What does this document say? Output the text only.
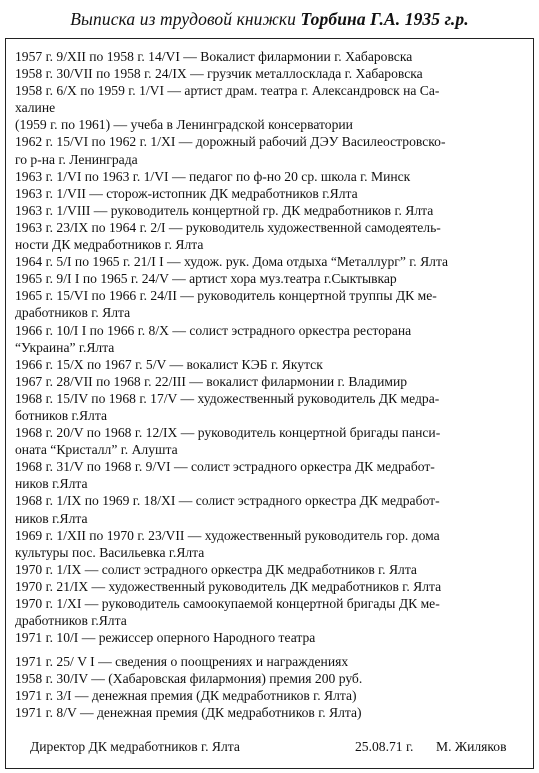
Выписка из трудовой книжки Торбина Г.А. 1935 г.р.
1957 г. 9/XII по 1958 г. 14/VI — Вокалист филармонии г. Хабаровска
1958 г. 30/VII по 1958 г. 24/IX — грузчик металлосклада г. Хабаровска
1958 г. 6/X по 1959 г. 1/VI — артист драм. театра г. Александровск на Са-
халине
(1959 г. по 1961) — учеба в Ленинградской консерватории
1962 г. 15/VI по 1962 г. 1/XI — дорожный рабочий ДЭУ Василеостровско-
го р-на г. Ленинграда
1963 г. 1/VI по 1963 г. 1/VI — педагог по ф-но 20 ср. школа г. Минск
1963 г. 1/VII — сторож-истопник ДК медработников г.Ялта
1963 г. 1/VIII — руководитель концертной гр. ДК медработников г. Ялта
1963 г. 23/IX по 1964 г. 2/I — руководитель художественной самодеятель-
ности ДК медработников г. Ялта
1964 г. 5/I по 1965 г. 21/I I — худож. рук. Дома отдыха “Металлург” г. Ялта
1965 г. 9/I I по 1965 г. 24/V — артист хора муз.театра г.Сыктывкар
1965 г. 15/VI по 1966 г. 24/II — руководитель концертной труппы ДК ме-
дработников г. Ялта
1966 г. 10/I I по 1966 г. 8/X — солист эстрадного оркестра ресторана
“Украина” г.Ялта
1966 г. 15/X по 1967 г. 5/V — вокалист КЭБ г. Якутск
1967 г. 28/VII по 1968 г. 22/III — вокалист филармонии г. Владимир
1968 г. 15/IV по 1968 г. 17/V — художественный руководитель ДК медра-
ботников г.Ялта
1968 г. 20/V по 1968 г. 12/IX — руководитель концертной бригады панси-
оната “Кристалл” г. Алушта
1968 г. 31/V по 1968 г. 9/VI — солист эстрадного оркестра ДК медработ-
ников г.Ялта
1968 г. 1/IX по 1969 г. 18/XI — солист эстрадного оркестра ДК медработ-
ников г.Ялта
1969 г. 1/XII по 1970 г. 23/VII — художественный руководитель гор. дома
культуры пос. Васильевка г.Ялта
1970 г. 1/IX — солист эстрадного оркестра ДК медработников г. Ялта
1970 г. 21/IX — художественный руководитель ДК медработников г. Ялта
1970 г. 1/XI — руководитель самоокупаемой концертной бригады ДК ме-
дработников г.Ялта
1971 г. 10/I — режиссер оперного Народного театра
1971 г. 25/ V I — сведения о поощрениях и награждениях
1958 г. 30/IV — (Хабаровская филармония) премия 200 руб.
1971 г. 3/I — денежная премия (ДК медработников г. Ялта)
1971 г. 8/V — денежная премия (ДК медработников г. Ялта)
Директор ДК медработников г. Ялта	25.08.71 г. М. Жиляков
